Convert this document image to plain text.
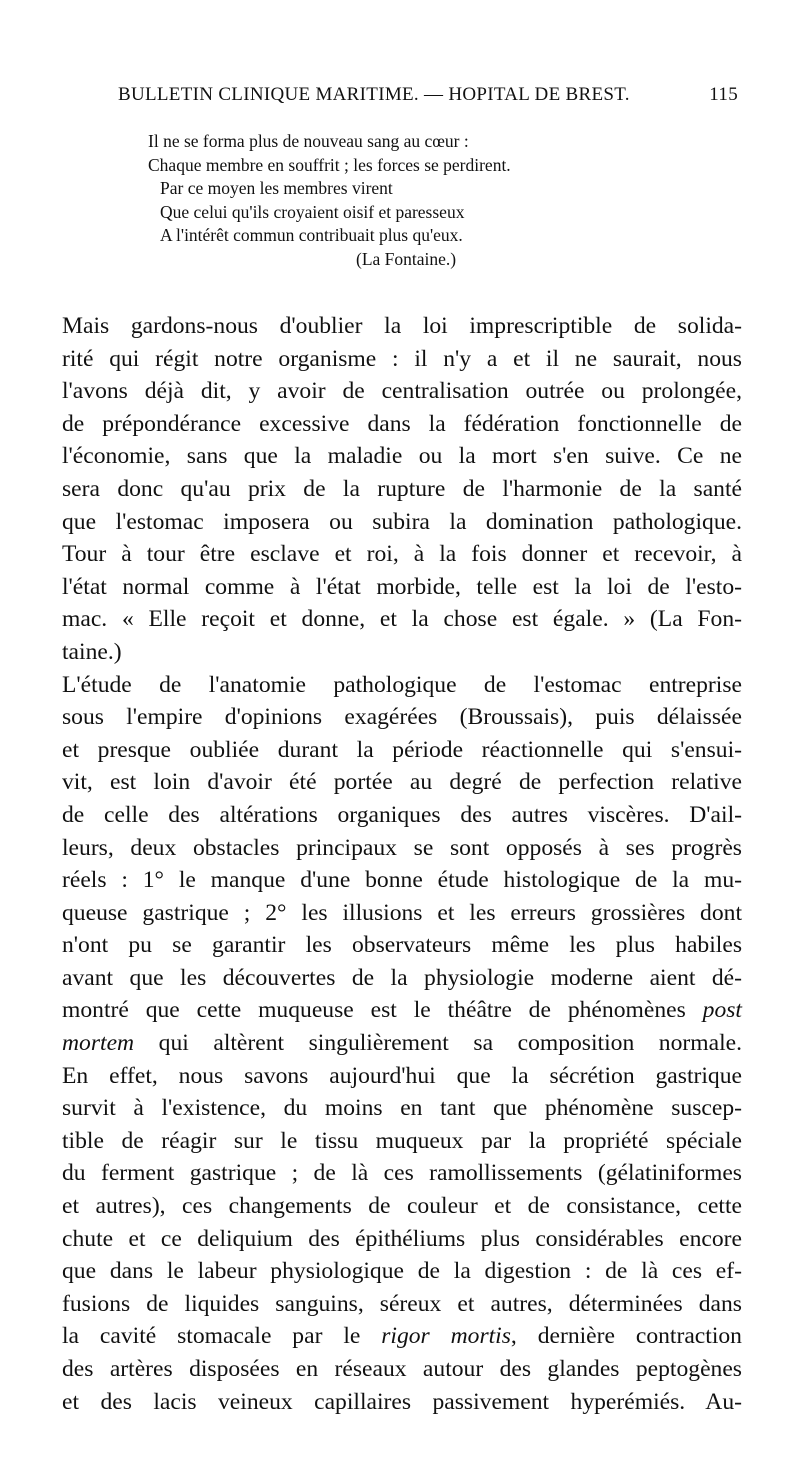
BULLETIN CLINIQUE MARITIME. — HOPITAL DE BREST.	115
Il ne se forma plus de nouveau sang au cœur :
Chaque membre en souffrit ; les forces se perdirent.
Par ce moyen les membres virent
Que celui qu'ils croyaient oisif et paresseux
A l'intérêt commun contribuait plus qu'eux.
(La Fontaine.)
Mais gardons-nous d'oublier la loi imprescriptible de solida-
rité qui régit notre organisme : il n'y a et il ne saurait, nous
l'avons déjà dit, y avoir de centralisation outrée ou prolongée,
de prépondérance excessive dans la fédération fonctionnelle de
l'économie, sans que la maladie ou la mort s'en suive. Ce ne
sera donc qu'au prix de la rupture de l'harmonie de la santé
que l'estomac imposera ou subira la domination pathologique.
Tour à tour être esclave et roi, à la fois donner et recevoir, à
l'état normal comme à l'état morbide, telle est la loi de l'esto-
mac. « Elle reçoit et donne, et la chose est égale. » (La Fon-
taine.)
L'étude de l'anatomie pathologique de l'estomac entreprise
sous l'empire d'opinions exagérées (Broussais), puis délaissée
et presque oubliée durant la période réactionnelle qui s'ensui-
vit, est loin d'avoir été portée au degré de perfection relative
de celle des altérations organiques des autres viscères. D'ail-
leurs, deux obstacles principaux se sont opposés à ses progrès
réels : 1° le manque d'une bonne étude histologique de la mu-
queuse gastrique ; 2° les illusions et les erreurs grossières dont
n'ont pu se garantir les observateurs même les plus habiles
avant que les découvertes de la physiologie moderne aient dé-
montré que cette muqueuse est le théâtre de phénomènes post
mortem qui altèrent singulièrement sa composition normale.
En effet, nous savons aujourd'hui que la sécrétion gastrique
survit à l'existence, du moins en tant que phénomène suscep-
tible de réagir sur le tissu muqueux par la propriété spéciale
du ferment gastrique ; de là ces ramollissements (gélatiniformes
et autres), ces changements de couleur et de consistance, cette
chute et ce deliquium des épithéliums plus considérables encore
que dans le labeur physiologique de la digestion : de là ces ef-
fusions de liquides sanguins, séreux et autres, déterminées dans
la cavité stomacale par le rigor mortis, dernière contraction
des artères disposées en réseaux autour des glandes peptogènes
et des lacis veineux capillaires passivement hyperémiés. Au-
